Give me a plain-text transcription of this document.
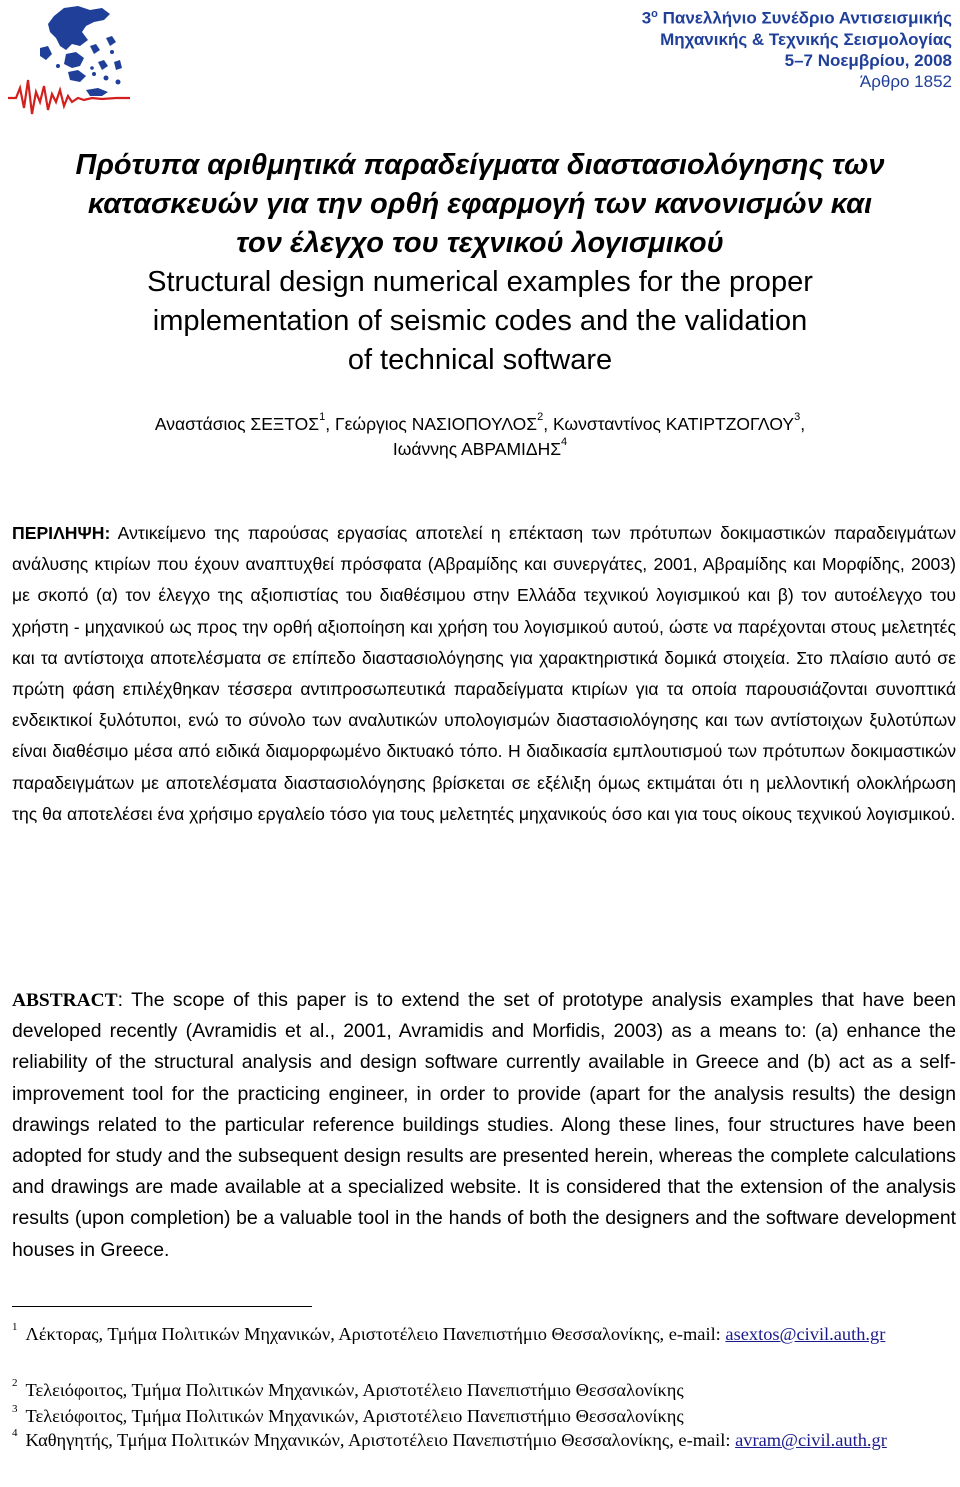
$3^o$ Πανελλήνιο Συνέδριο Αντισεισμικής
Μηχανικής & Τεχνικής Σεισμολογίας
5–7 Νοεμβρίου, 2008
Άρθρο 1852
Πρότυπα αριθμητικά παραδείγματα διαστασιολόγησης των
κατασκευών για την ορθή εφαρμογή των κανονισμών και
τον έλεγχο του τεχνικού λογισμικού
Structural design numerical examples for the proper
implementation of seismic codes and the validation
of technical software
Αναστάσιος ΣΕΞΤΟΣ$^1$, Γεώργιος ΝΑΣΙΟΠΟΥΛΟΣ$^2$, Κωνσταντίνος ΚΑΤΙΡΤΖΟΓΛΟΥ$^3$,
Ιωάννης ΑΒΡΑΜΙΔΗΣ$^4$
ΠΕΡΙΛΗΨΗ: Αντικείμενο της παρούσας εργασίας αποτελεί η επέκταση των πρότυπων δοκιμαστικών παραδειγμάτων ανάλυσης κτιρίων που έχουν αναπτυχθεί πρόσφατα (Αβραμίδης και συνεργάτες, 2001, Αβραμίδης και Μορφίδης, 2003) με σκοπό (α) τον έλεγχο της αξιοπιστίας του διαθέσιμου στην Ελλάδα τεχνικού λογισμικού και β) τον αυτοέλεγχο του χρήστη - μηχανικού ως προς την ορθή αξιοποίηση και χρήση του λογισμικού αυτού, ώστε να παρέχονται στους μελετητές και τα αντίστοιχα αποτελέσματα σε επίπεδο διαστασιολόγησης για χαρακτηριστικά δομικά στοιχεία. Στο πλαίσιο αυτό σε πρώτη φάση επιλέχθηκαν τέσσερα αντιπροσωπευτικά παραδείγματα κτιρίων για τα οποία παρουσιάζονται συνοπτικά ενδεικτικοί ξυλότυποι, ενώ το σύνολο των αναλυτικών υπολογισμών διαστασιολόγησης και των αντίστοιχων ξυλοτύπων είναι διαθέσιμο μέσα από ειδικά διαμορφωμένο δικτυακό τόπο. Η διαδικασία εμπλουτισμού των πρότυπων δοκιμαστικών παραδειγμάτων με αποτελέσματα διαστασιολόγησης βρίσκεται σε εξέλιξη όμως εκτιμάται ότι η μελλοντική ολοκλήρωση της θα αποτελέσει ένα χρήσιμο εργαλείο τόσο για τους μελετητές μηχανικούς όσο και για τους οίκους τεχνικού λογισμικού.
ABSTRACT: The scope of this paper is to extend the set of prototype analysis examples that have been developed recently (Avramidis et al., 2001, Avramidis and Morfidis, 2003) as a means to: (a) enhance the reliability of the structural analysis and design software currently available in Greece and (b) act as a self-improvement tool for the practicing engineer, in order to provide (apart for the analysis results) the design drawings related to the particular reference buildings studies. Along these lines, four structures have been adopted for study and the subsequent design results are presented herein, whereas the complete calculations and drawings are made available at a specialized website. It is considered that the extension of the analysis results (upon completion) be a valuable tool in the hands of both the designers and the software development houses in Greece.
$^1$ Λέκτορας, Τμήμα Πολιτικών Μηχανικών, Αριστοτέλειο Πανεπιστήμιο Θεσσαλονίκης, e-mail: asextos@civil.auth.gr
$^2$ Τελειόφοιτος, Τμήμα Πολιτικών Μηχανικών, Αριστοτέλειο Πανεπιστήμιο Θεσσαλονίκης
$^3$ Τελειόφοιτος, Τμήμα Πολιτικών Μηχανικών, Αριστοτέλειο Πανεπιστήμιο Θεσσαλονίκης
$^4$ Καθηγητής, Τμήμα Πολιτικών Μηχανικών, Αριστοτέλειο Πανεπιστήμιο Θεσσαλονίκης, e-mail: avram@civil.auth.gr
